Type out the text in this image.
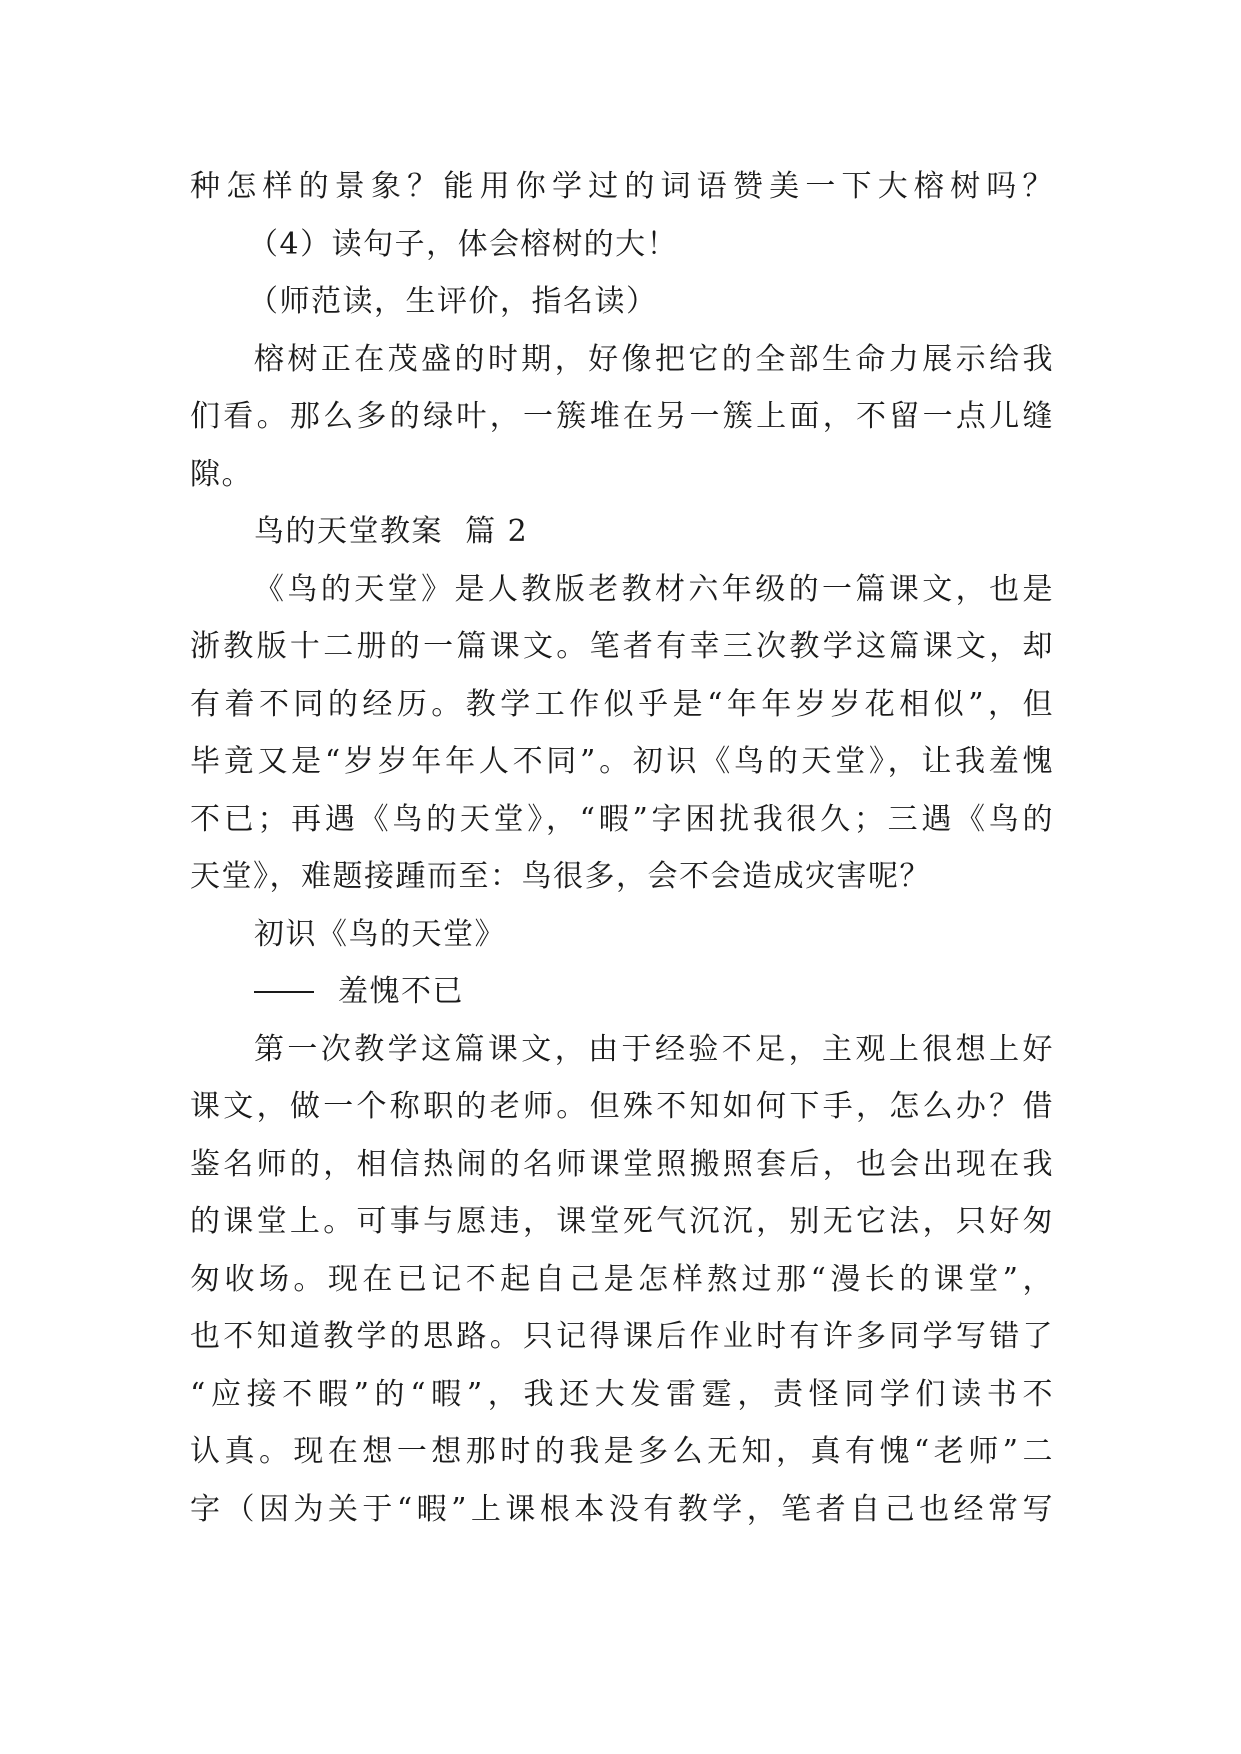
种怎样的景象？能用你学过的词语赞美一下大榕树吗？
（4）读句子，体会榕树的大！
（师范读，生评价，指名读）
榕树正在茂盛的时期，好像把它的全部生命力展示给我
们看。那么多的绿叶，一簇堆在另一簇上面，不留一点儿缝
隙。
鸟的天堂教案  篇 2
《鸟的天堂》是人教版老教材六年级的一篇课文，也是
浙教版十二册的一篇课文。笔者有幸三次教学这篇课文，却
有着不同的经历。教学工作似乎是“年年岁岁花相似”，但
毕竟又是“岁岁年年人不同”。初识《鸟的天堂》，让我羞愧
不已；再遇《鸟的天堂》，“暇”字困扰我很久；三遇《鸟的
天堂》，难题接踵而至：鸟很多，会不会造成灾害呢？
初识《鸟的天堂》
羞愧不已
第一次教学这篇课文，由于经验不足，主观上很想上好
课文，做一个称职的老师。但殊不知如何下手，怎么办？借
鉴名师的，相信热闹的名师课堂照搬照套后，也会出现在我
的课堂上。可事与愿违，课堂死气沉沉，别无它法，只好匆
匆收场。现在已记不起自己是怎样熬过那“漫长的课堂”，
也不知道教学的思路。只记得课后作业时有许多同学写错了
“应接不暇”的“暇”，我还大发雷霆，责怪同学们读书不
认真。现在想一想那时的我是多么无知，真有愧“老师”二
字（因为关于“暇”上课根本没有教学，笔者自己也经常写
